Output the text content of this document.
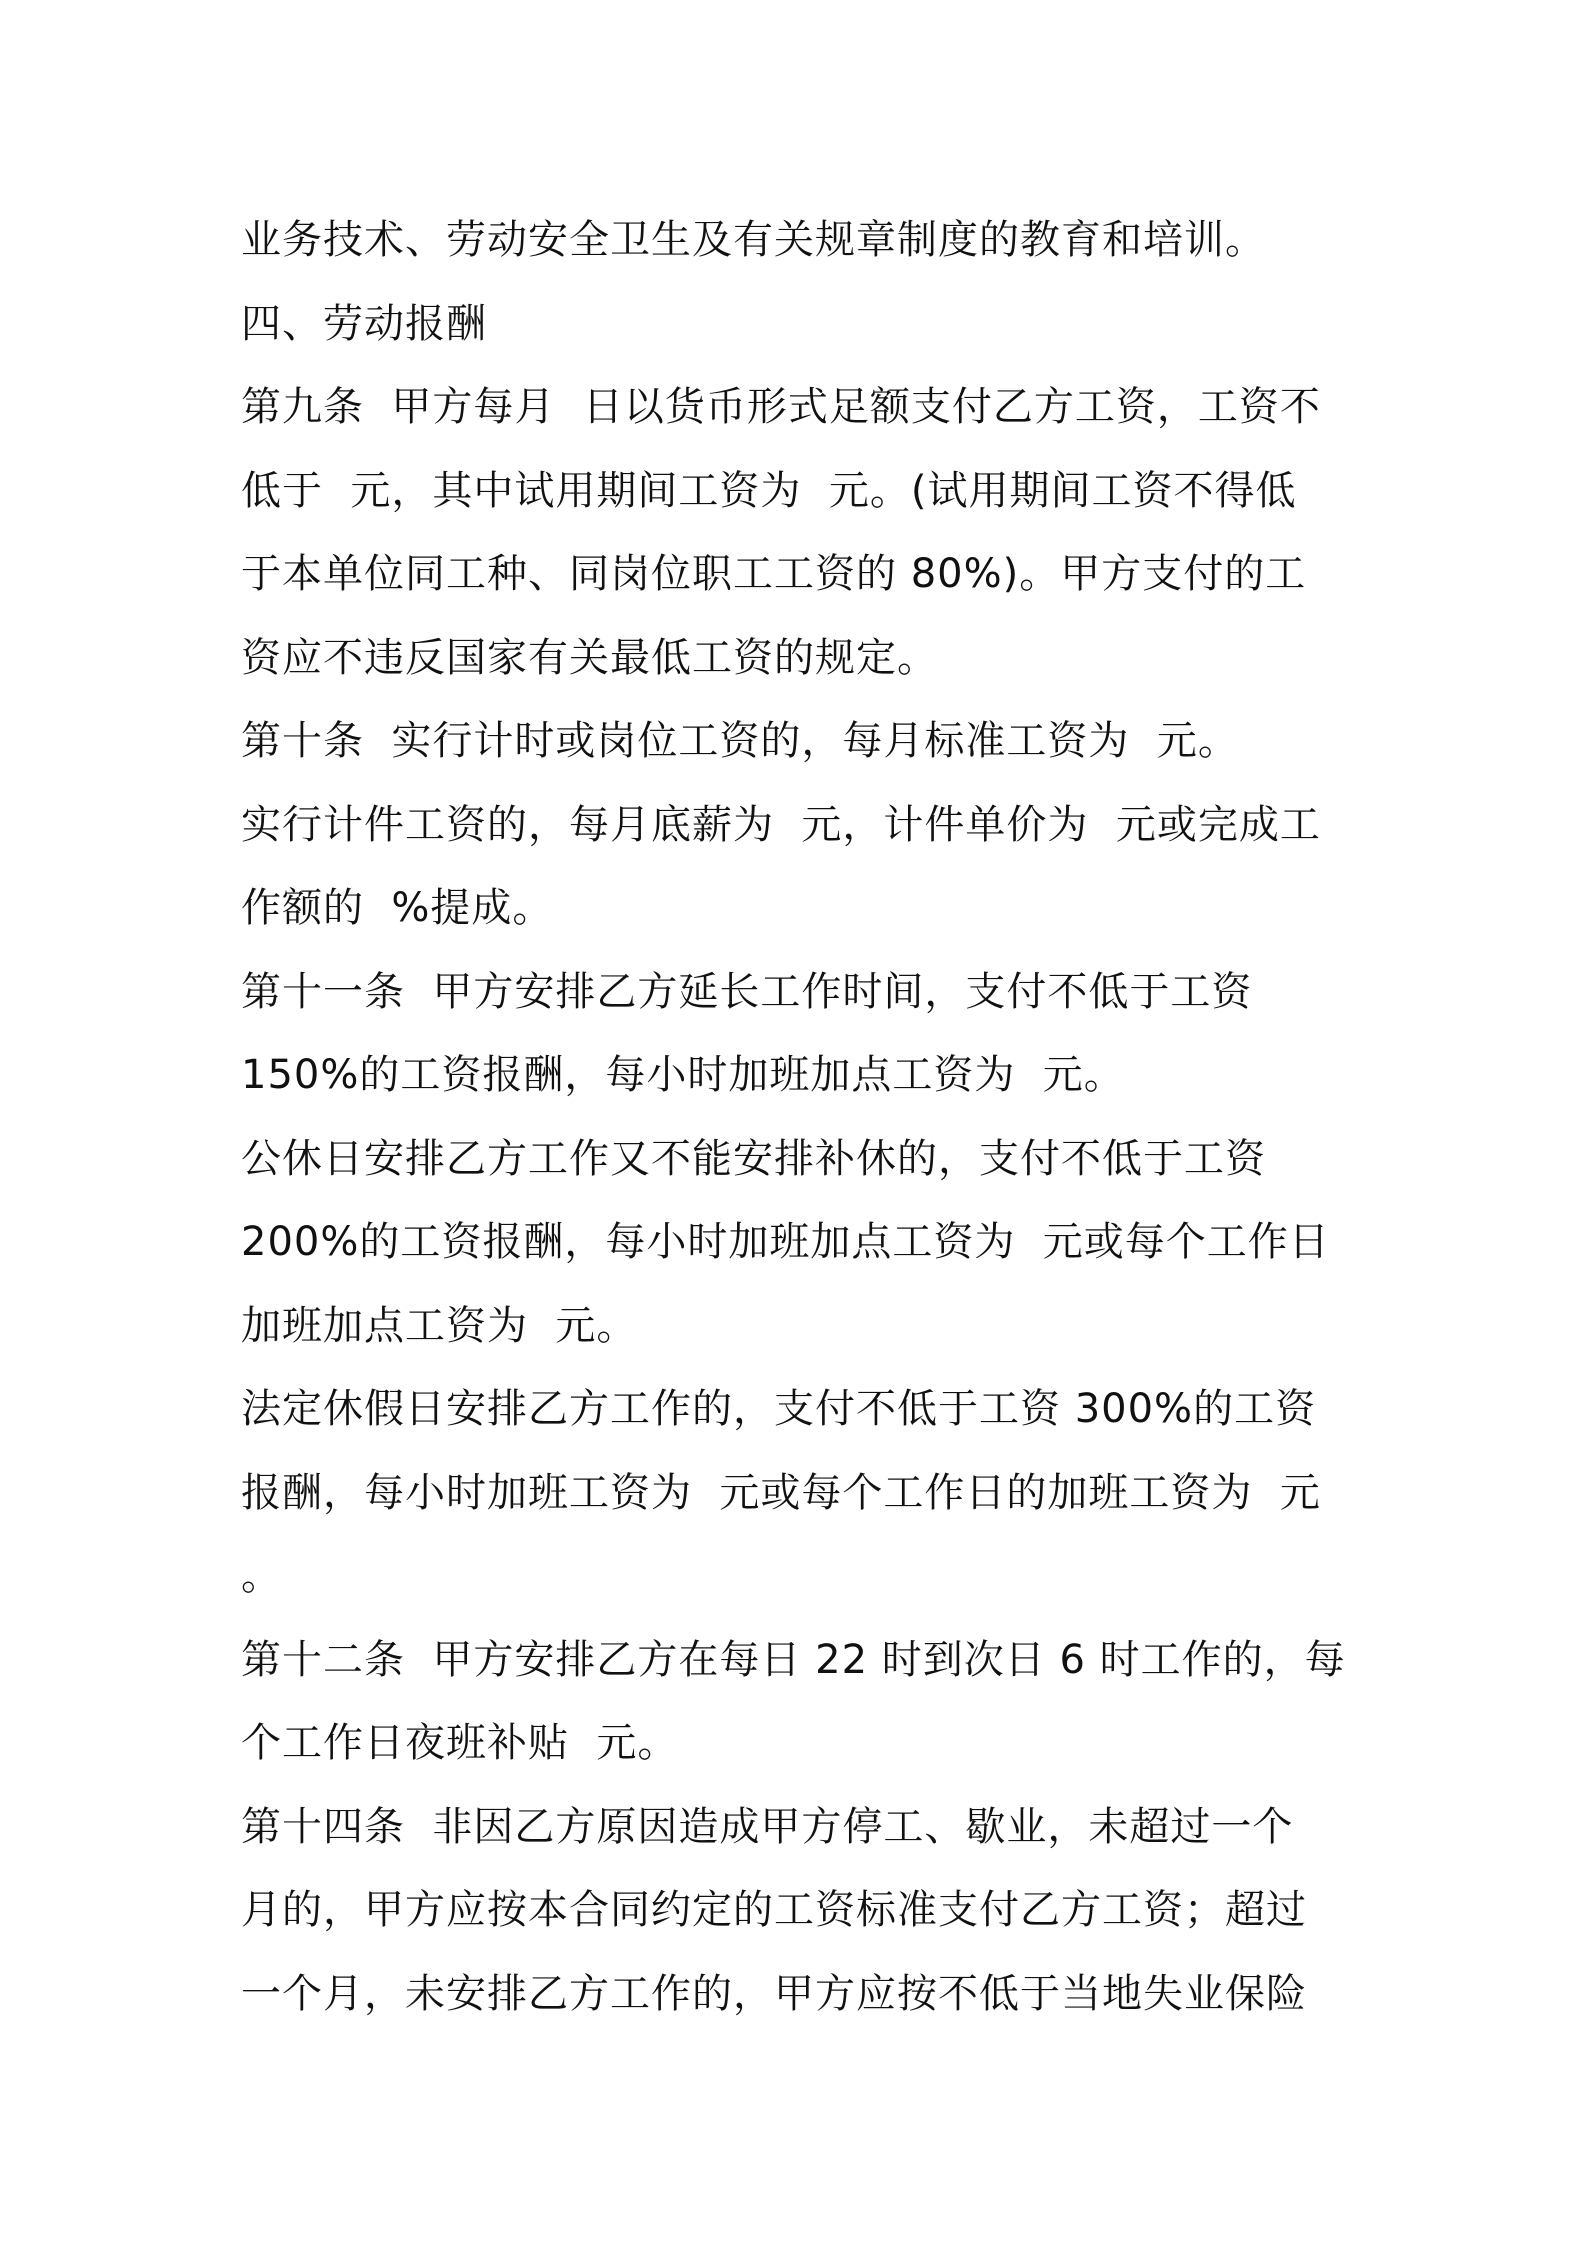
业务技术、劳动安全卫生及有关规章制度的教育和培训。
四、劳动报酬
第九条  甲方每月  日以货币形式足额支付乙方工资，工资不
低于  元，其中试用期间工资为  元。(试用期间工资不得低
于本单位同工种、同岗位职工工资的 80%)。甲方支付的工
资应不违反国家有关最低工资的规定。
第十条  实行计时或岗位工资的，每月标准工资为  元。
实行计件工资的，每月底薪为  元，计件单价为  元或完成工
作额的  %提成。
第十一条  甲方安排乙方延长工作时间，支付不低于工资
150%的工资报酬，每小时加班加点工资为  元。
公休日安排乙方工作又不能安排补休的，支付不低于工资
200%的工资报酬，每小时加班加点工资为  元或每个工作日
加班加点工资为  元。
法定休假日安排乙方工作的，支付不低于工资 300%的工资
报酬，每小时加班工资为  元或每个工作日的加班工资为  元
。
第十二条  甲方安排乙方在每日 22 时到次日 6 时工作的，每
个工作日夜班补贴  元。
第十四条  非因乙方原因造成甲方停工、歇业，未超过一个
月的，甲方应按本合同约定的工资标准支付乙方工资；超过
一个月，未安排乙方工作的，甲方应按不低于当地失业保险
